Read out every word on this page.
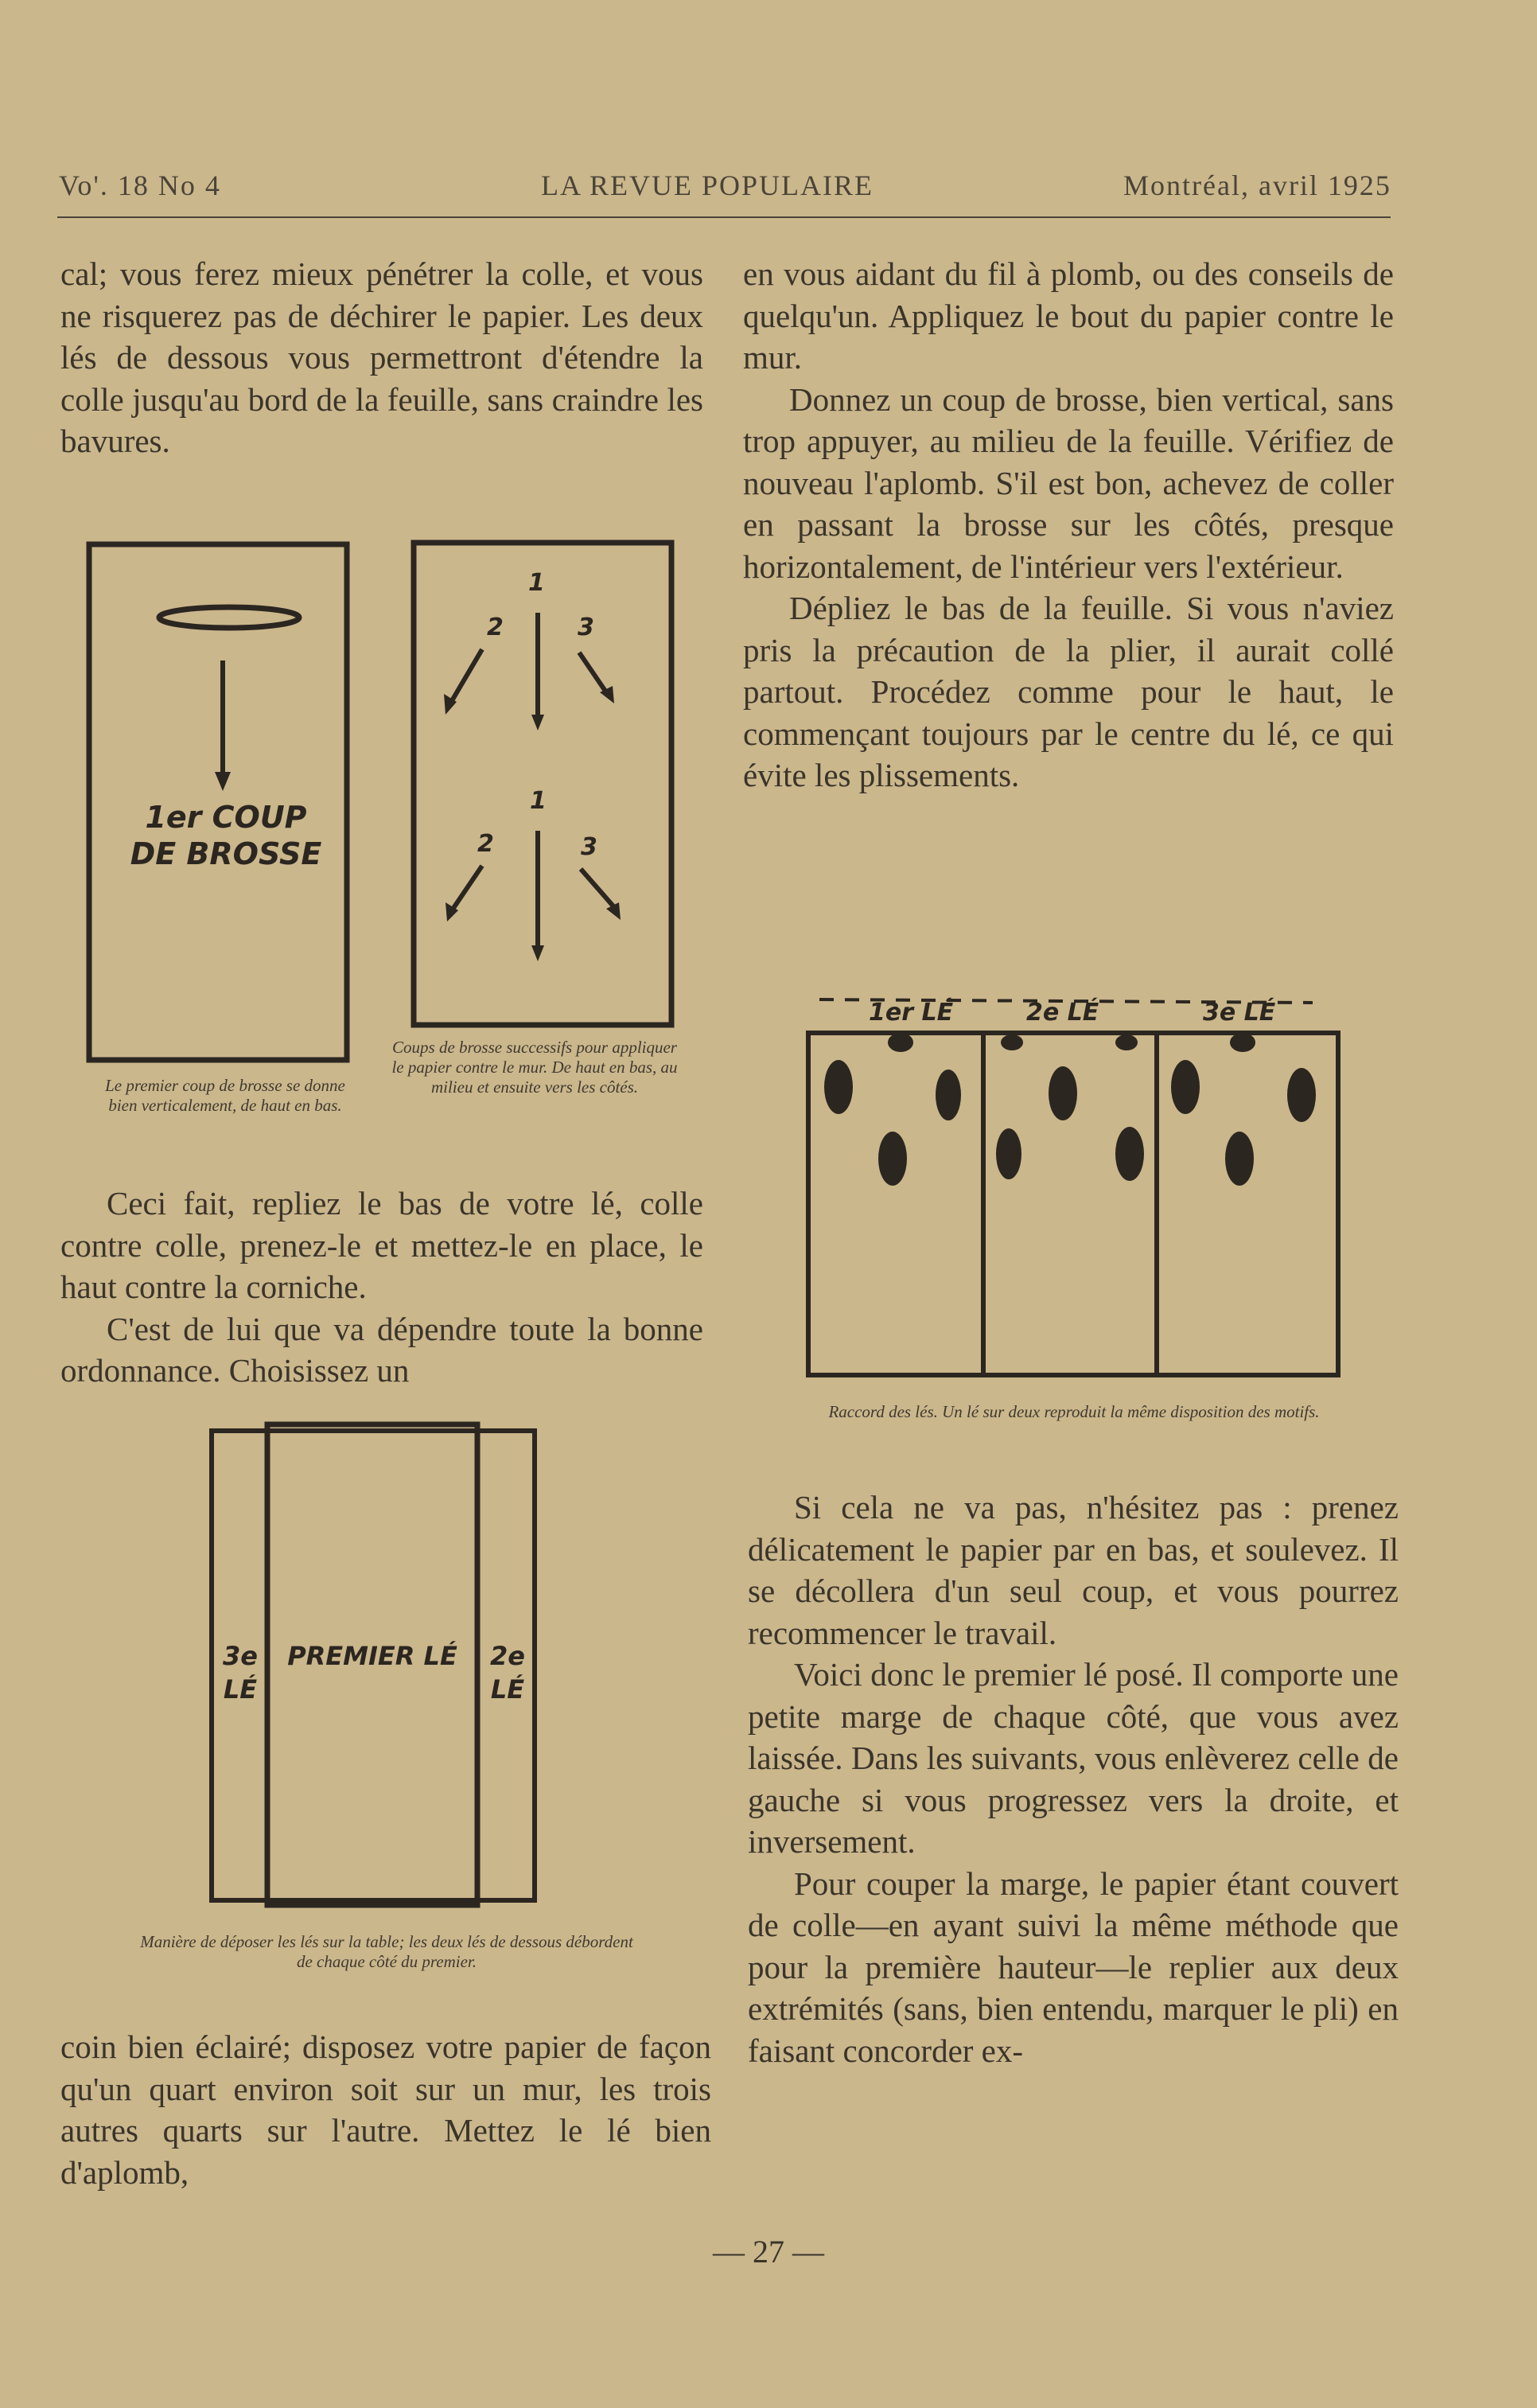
Vo'. 18 No 4	LA REVUE POPULAIRE	Montréal, avril 1925

cal; vous ferez mieux pénétrer la colle, et vous ne risquerez pas de déchirer le papier. Les deux lés de dessous vous permettront d'étendre la colle jusqu'au bord de la feuille, sans craindre les bavures.

Ceci fait, repliez le bas de votre lé, colle contre colle, prenez-le et mettez-le en place, le haut contre la corniche.

C'est de lui que va dépendre toute la bonne ordonnance. Choisissez un

coin bien éclairé; disposez votre papier de façon qu'un quart environ soit sur un mur, les trois autres quarts sur l'autre. Mettez le lé bien d'aplomb,

en vous aidant du fil à plomb, ou des conseils de quelqu'un. Appliquez le bout du papier contre le mur.

Donnez un coup de brosse, bien vertical, sans trop appuyer, au milieu de la feuille. Vérifiez de nouveau l'aplomb. S'il est bon, achevez de coller en passant la brosse sur les côtés, presque horizontalement, de l'intérieur vers l'extérieur.

Dépliez le bas de la feuille. Si vous n'aviez pris la précaution de la plier, il aurait collé partout. Procédez comme pour le haut, le commençant toujours par le centre du lé, ce qui évite les plissements.

Si cela ne va pas, n'hésitez pas : prenez délicatement le papier par en bas, et soulevez. Il se décollera d'un seul coup, et vous pourrez recommencer le travail.

Voici donc le premier lé posé. Il comporte une petite marge de chaque côté, que vous avez laissée. Dans les suivants, vous enlèverez celle de gauche si vous progressez vers la droite, et inversement.

Pour couper la marge, le papier étant couvert de colle—en ayant suivi la même méthode que pour la première hauteur—le replier aux deux extrémités (sans, bien entendu, marquer le pli) en faisant concorder ex-

1er COUP
DE BROSSE
Le premier coup de brosse se donne bien verticalement, de haut en bas.
1
2	3
1
2	3
Coups de brosse successifs pour appliquer le papier contre le mur. De haut en bas, au milieu et ensuite vers les côtés.
1er LÉ	2e LÉ	3e LÉ
Raccord des lés. Un lé sur deux reproduit la même disposition des motifs.
3e
LÉ
PREMIER LÉ 2e
LÉ
Manière de déposer les lés sur la table; les deux lés de dessous débordent de chaque côté du premier.
— 27 —
